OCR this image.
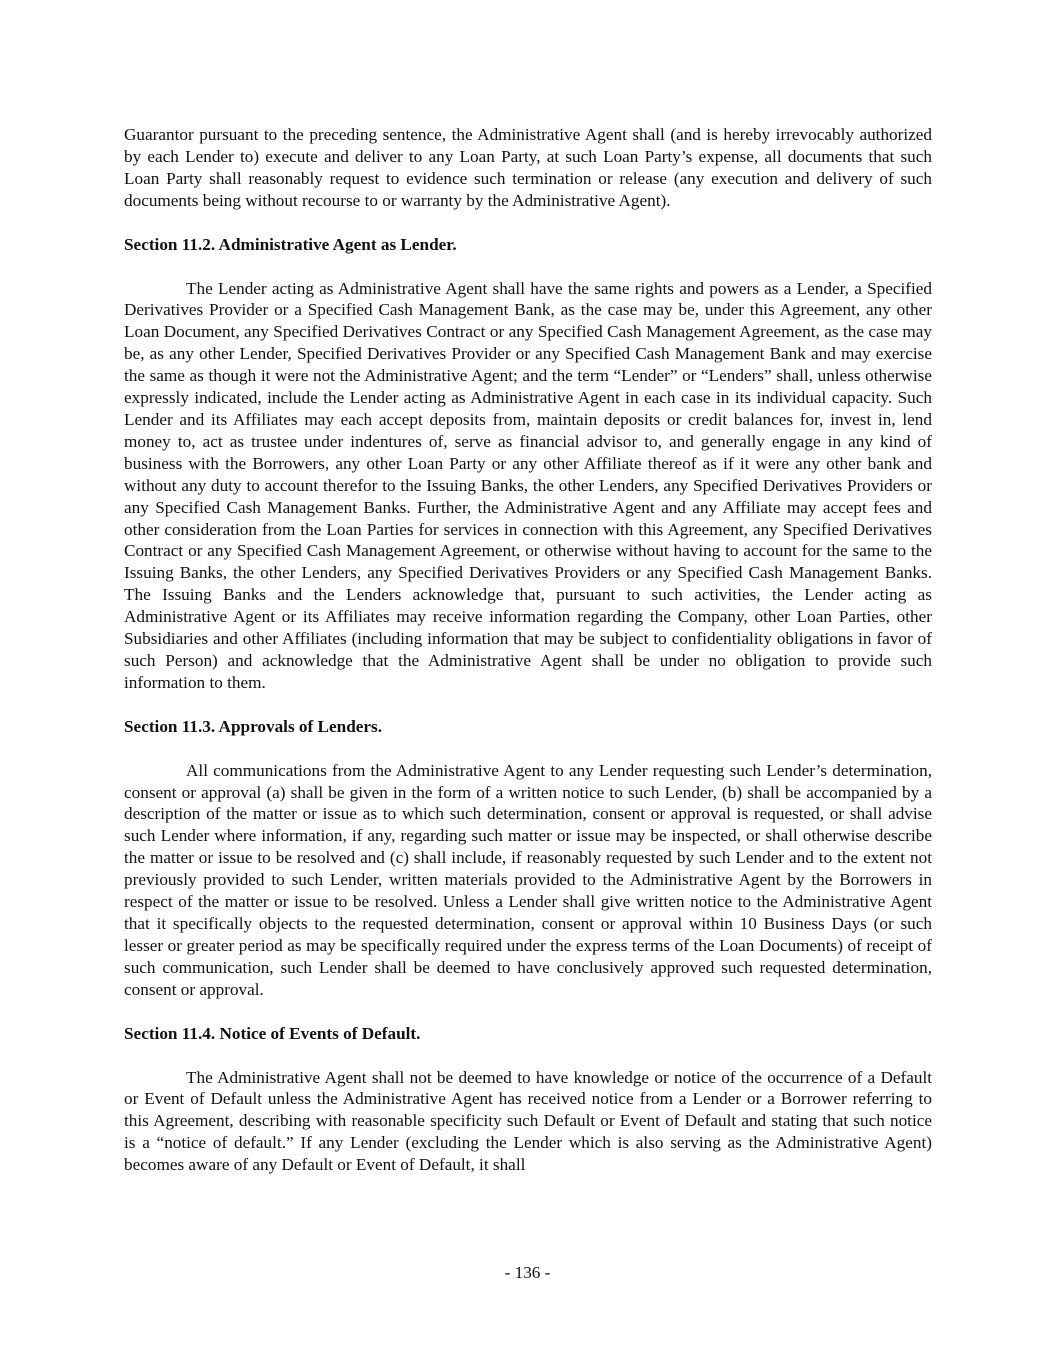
Guarantor pursuant to the preceding sentence, the Administrative Agent shall (and is hereby irrevocably authorized by each Lender to) execute and deliver to any Loan Party, at such Loan Party’s expense, all documents that such Loan Party shall reasonably request to evidence such termination or release (any execution and delivery of such documents being without recourse to or warranty by the Administrative Agent).

Section 11.2. Administrative Agent as Lender.

The Lender acting as Administrative Agent shall have the same rights and powers as a Lender, a Specified Derivatives Provider or a Specified Cash Management Bank, as the case may be, under this Agreement, any other Loan Document, any Specified Derivatives Contract or any Specified Cash Management Agreement, as the case may be, as any other Lender, Specified Derivatives Provider or any Specified Cash Management Bank and may exercise the same as though it were not the Administrative Agent; and the term “Lender” or “Lenders” shall, unless otherwise expressly indicated, include the Lender acting as Administrative Agent in each case in its individual capacity. Such Lender and its Affiliates may each accept deposits from, maintain deposits or credit balances for, invest in, lend money to, act as trustee under indentures of, serve as financial advisor to, and generally engage in any kind of business with the Borrowers, any other Loan Party or any other Affiliate thereof as if it were any other bank and without any duty to account therefor to the Issuing Banks, the other Lenders, any Specified Derivatives Providers or any Specified Cash Management Banks. Further, the Administrative Agent and any Affiliate may accept fees and other consideration from the Loan Parties for services in connection with this Agreement, any Specified Derivatives Contract or any Specified Cash Management Agreement, or otherwise without having to account for the same to the Issuing Banks, the other Lenders, any Specified Derivatives Providers or any Specified Cash Management Banks. The Issuing Banks and the Lenders acknowledge that, pursuant to such activities, the Lender acting as Administrative Agent or its Affiliates may receive information regarding the Company, other Loan Parties, other Subsidiaries and other Affiliates (including information that may be subject to confidentiality obligations in favor of such Person) and acknowledge that the Administrative Agent shall be under no obligation to provide such information to them.

Section 11.3. Approvals of Lenders.

All communications from the Administrative Agent to any Lender requesting such Lender’s determination, consent or approval (a) shall be given in the form of a written notice to such Lender, (b) shall be accompanied by a description of the matter or issue as to which such determination, consent or approval is requested, or shall advise such Lender where information, if any, regarding such matter or issue may be inspected, or shall otherwise describe the matter or issue to be resolved and (c) shall include, if reasonably requested by such Lender and to the extent not previously provided to such Lender, written materials provided to the Administrative Agent by the Borrowers in respect of the matter or issue to be resolved. Unless a Lender shall give written notice to the Administrative Agent that it specifically objects to the requested determination, consent or approval within 10 Business Days (or such lesser or greater period as may be specifically required under the express terms of the Loan Documents) of receipt of such communication, such Lender shall be deemed to have conclusively approved such requested determination, consent or approval.

Section 11.4. Notice of Events of Default.

The Administrative Agent shall not be deemed to have knowledge or notice of the occurrence of a Default or Event of Default unless the Administrative Agent has received notice from a Lender or a Borrower referring to this Agreement, describing with reasonable specificity such Default or Event of Default and stating that such notice is a “notice of default.” If any Lender (excluding the Lender which is also serving as the Administrative Agent) becomes aware of any Default or Event of Default, it shall

- 136 -
